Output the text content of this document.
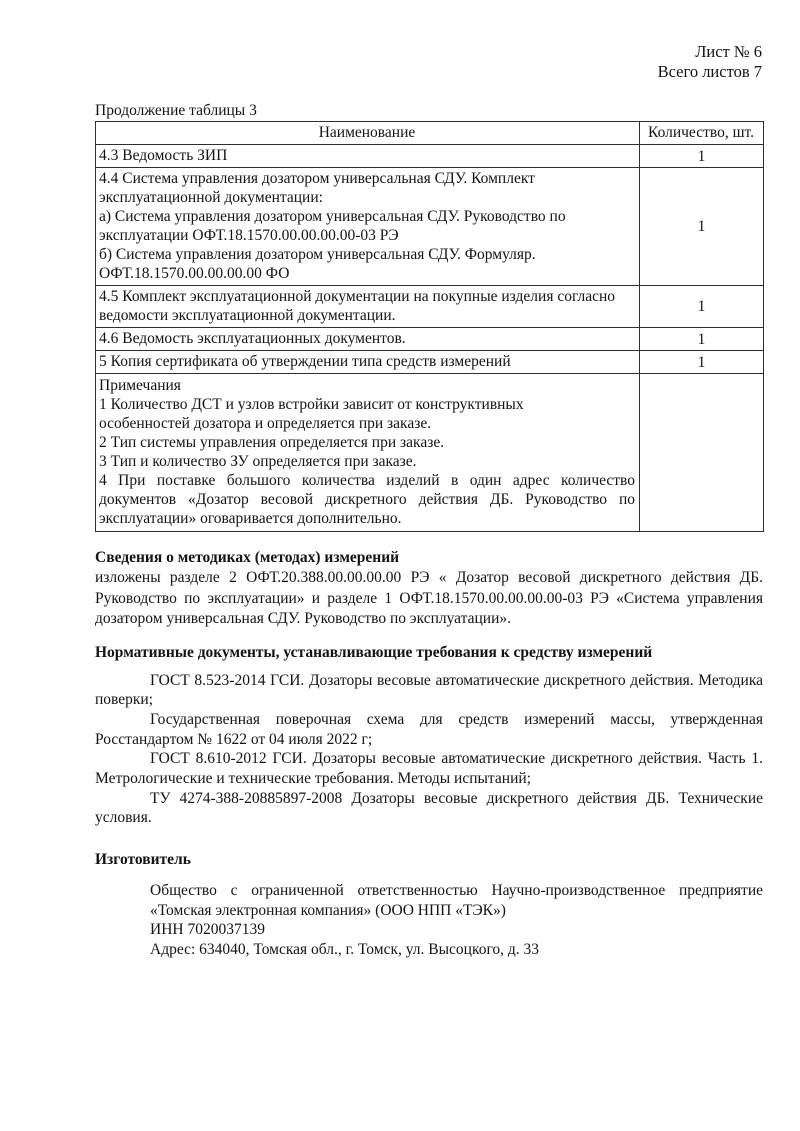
Лист № 6
Всего листов 7
Продолжение таблицы 3
Наименование	Количество, шт.
4.3 Ведомость ЗИП	1

4.4 Система управления дозатором универсальная СДУ. Комплект эксплуатационной документации:
а) Система управления дозатором универсальная СДУ. Руководство по эксплуатации ОФТ.18.1570.00.00.00.00-03 РЭ
б) Система управления дозатором универсальная СДУ. Формуляр. ОФТ.18.1570.00.00.00.00 ФО	1
4.5 Комплект эксплуатационной документации на покупные изделия согласно ведомости эксплуатационной документации.	1
4.6 Ведомость эксплуатационных документов.	1
5 Копия сертификата об утверждении типа средств измерений	1

Примечания
1 Количество ДСТ и узлов встройки зависит от конструктивных особенностей дозатора и определяется при заказе.
2 Тип системы управления определяется при заказе.
3 Тип и количество ЗУ определяется при заказе.
4 При поставке большого количества изделий в один адрес количество документов «Дозатор весовой дискретного действия ДБ. Руководство по эксплуатации» оговаривается дополнительно.	

Сведения о методиках (методах) измерений
изложены разделе 2 ОФТ.20.388.00.00.00.00 РЭ « Дозатор весовой дискретного действия ДБ. Руководство по эксплуатации» и разделе 1 ОФТ.18.1570.00.00.00.00-03 РЭ «Система управления дозатором универсальная СДУ. Руководство по эксплуатации».
Нормативные документы, устанавливающие требования к средству измерений

ГОСТ 8.523-2014 ГСИ. Дозаторы весовые автоматические дискретного действия. Методика поверки;

Государственная поверочная схема для средств измерений массы, утвержденная Росстандартом № 1622 от 04 июля 2022 г;

ГОСТ 8.610-2012 ГСИ. Дозаторы весовые автоматические дискретного действия. Часть 1. Метрологические и технические требования. Методы испытаний;

ТУ 4274-388-20885897-2008 Дозаторы весовые дискретного действия ДБ. Технические условия.

Изготовитель

Общество с ограниченной ответственностью Научно-производственное предприятие «Томская электронная компания» (ООО НПП «ТЭК»)

ИНН 7020037139

Адрес: 634040, Томская обл., г. Томск, ул. Высоцкого, д. 33
